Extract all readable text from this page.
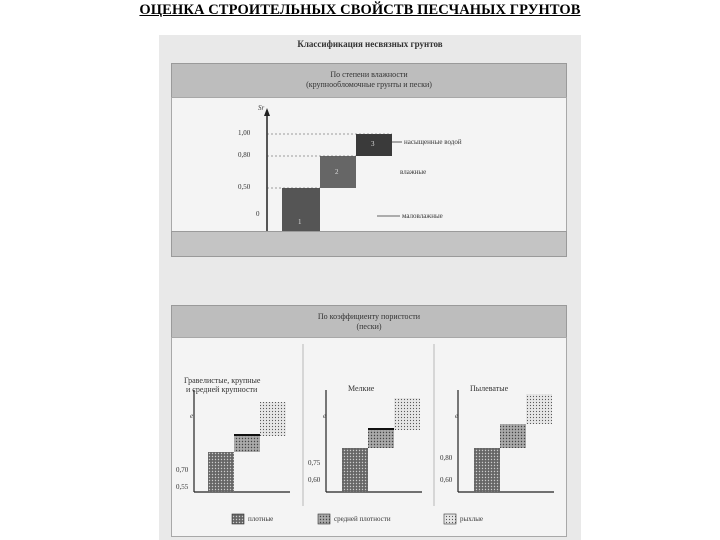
ОЦЕНКА СТРОИТЕЛЬНЫХ СВОЙСТВ ПЕСЧАНЫХ ГРУНТОВ
Классификация несвязных грунтов
По степени влажности
(крупнообломочные грунты и пески)
Sr
1,00
0,80
0,50
0
1
2
3	насыщенные водой
влажные
маловлажные
По коэффициенту пористости
(пески)
Гравелистые, крупные
и средней крупности
e
0,70
0,55
Мелкие
e
0,75
0,60
Пылеватые
e
0,80
0,60
плотные	средней плотности	рыхлые
